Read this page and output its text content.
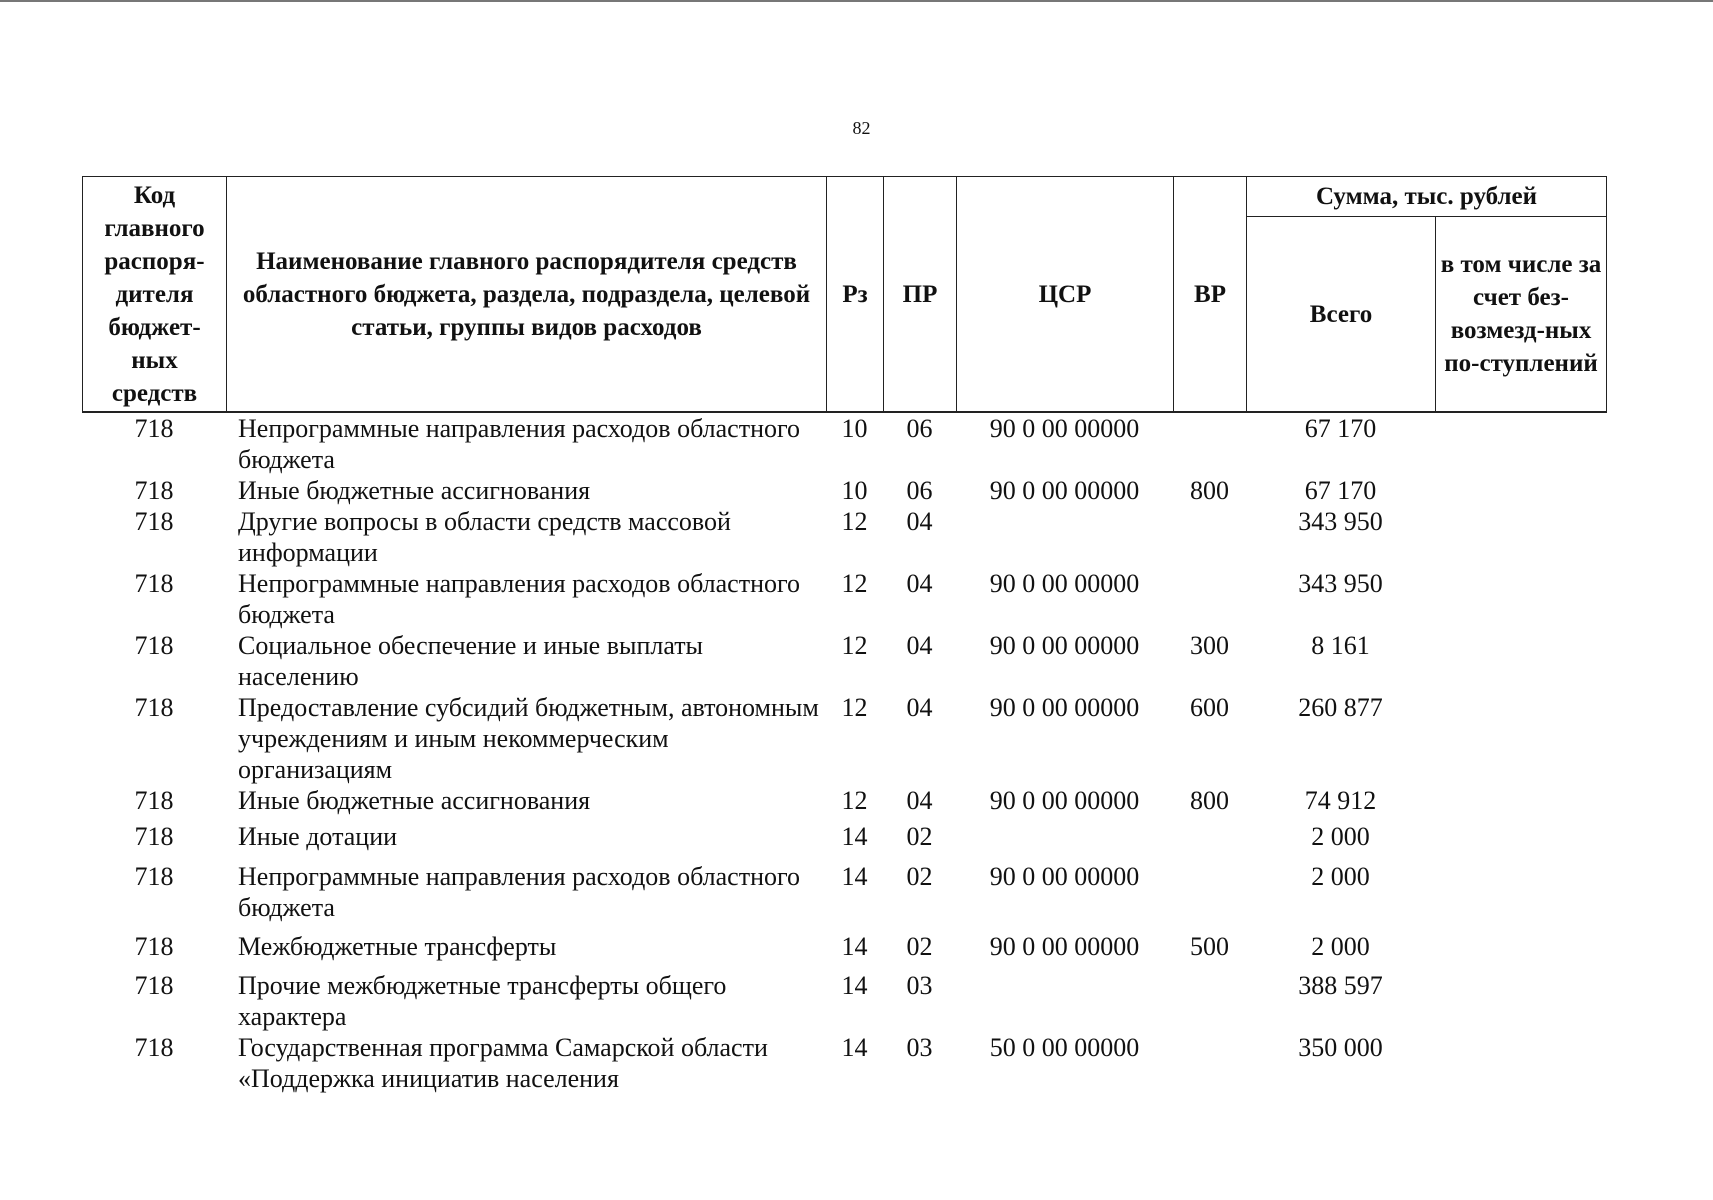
82
Код главного распоря-дителя бюджет-ных средств	Наименование главного распорядителя средств областного бюджета, раздела, подраздела, целевой статьи, группы видов расходов	Рз	ПР	ЦСР	ВР	Сумма, тыс. рублей	
						Всего	в том числе за счет без-возмезд-ных по-ступлений
718	Непрограммные направления расходов областного бюджета	10	06	90 0 00 00000		67 170	
718	Иные бюджетные ассигнования	10	06	90 0 00 00000	800	67 170	
718	Другие вопросы в области средств массовой информации	12	04			343 950	
718	Непрограммные направления расходов областного бюджета	12	04	90 0 00 00000		343 950	
718	Социальное обеспечение и иные выплаты населению	12	04	90 0 00 00000	300	8 161	
718	Предоставление субсидий бюджетным, автономным учреждениям и иным некоммерческим организациям	12	04	90 0 00 00000	600	260 877	
718	Иные бюджетные ассигнования	12	04	90 0 00 00000	800	74 912	
718	Иные дотации	14	02			2 000	
718	Непрограммные направления расходов областного бюджета	14	02	90 0 00 00000		2 000	
718	Межбюджетные трансферты	14	02	90 0 00 00000	500	2 000	
718	Прочие межбюджетные трансферты общего характера	14	03			388 597	
718	Государственная программа Самарской области «Поддержка инициатив населения	14	03	50 0 00 00000		350 000	
